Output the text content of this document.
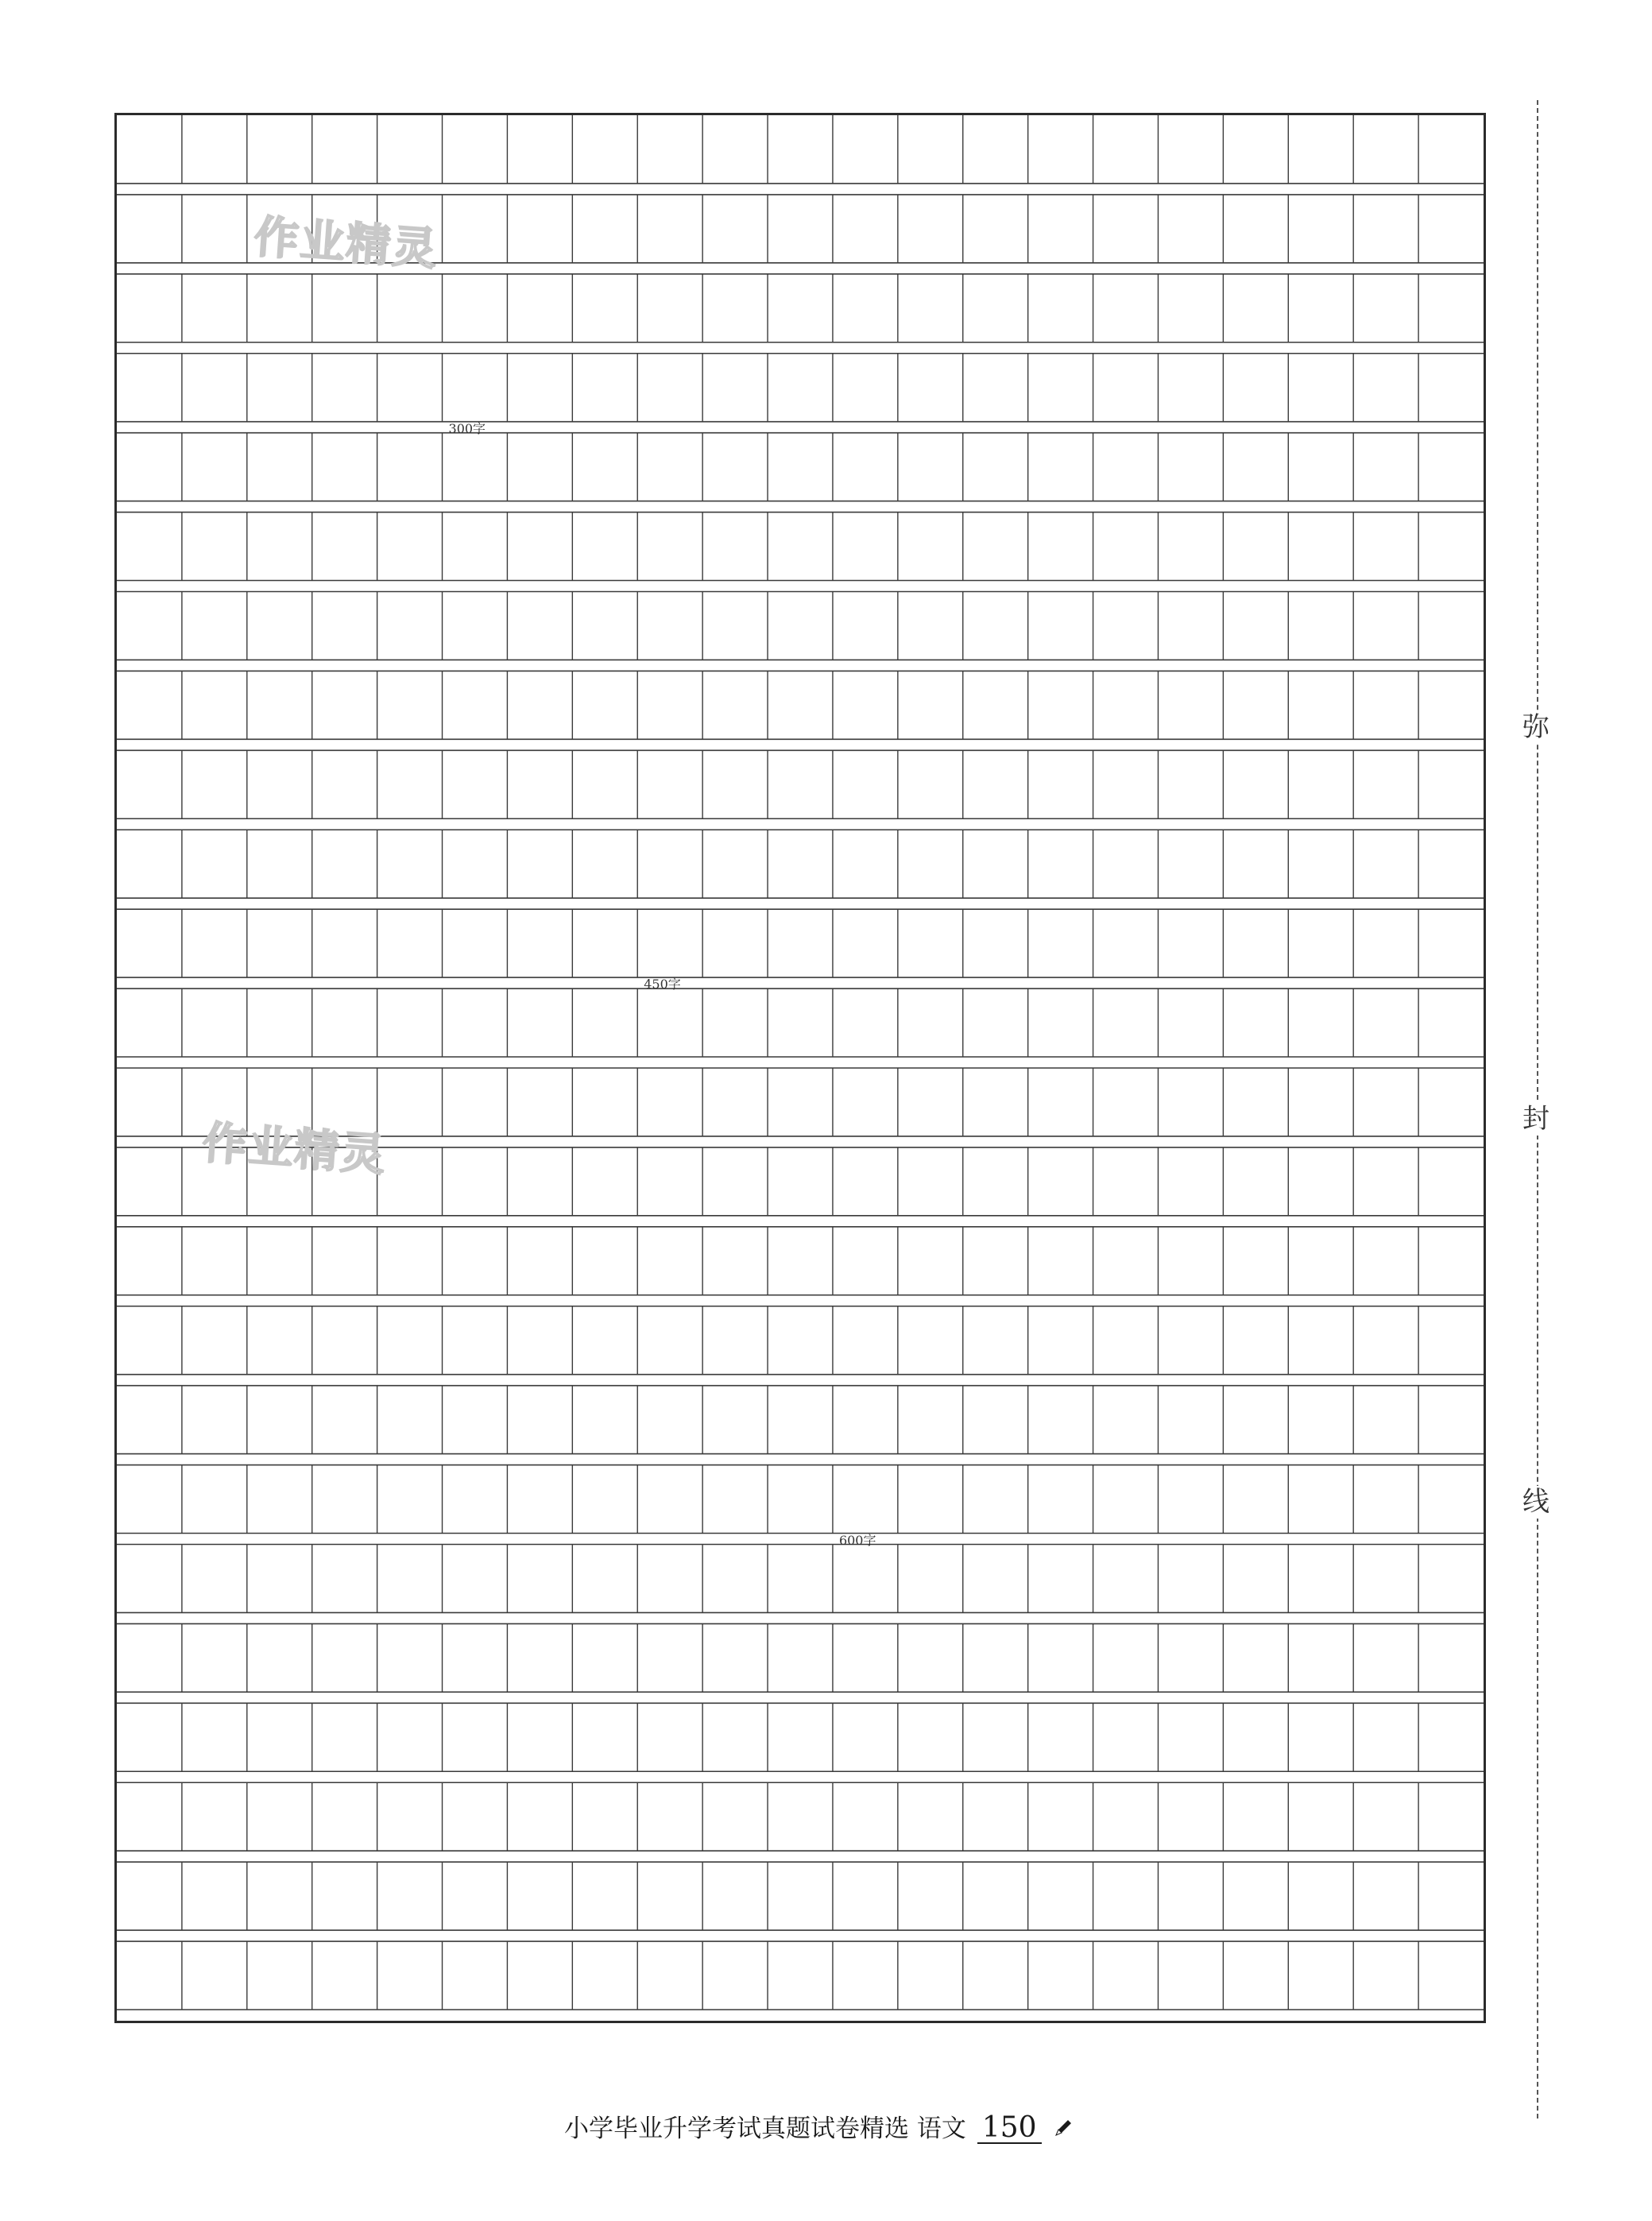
300字
450字
600字
作业精灵
作业精灵
弥
封
线
小学毕业升学考试真题试卷精选 语文 150
